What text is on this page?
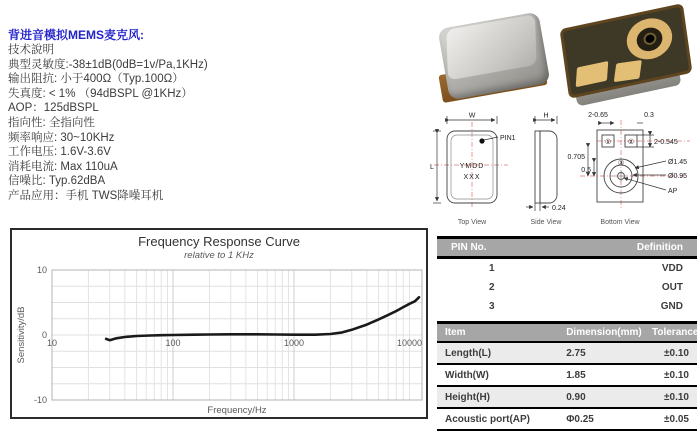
背进音模拟MEMS麦克风:
技术說明
典型灵敏度:-38±1dB(0dB=1v/Pa,1KHz)
输出阻抗: 小于400Ω（Typ.100Ω）
失真度: < 1% （94dBSPL @1KHz）
AOP：125dBSPL
指向性: 全指向性
频率响应: 30~10KHz
工作电压: 1.6V-3.6V
消耗电流: Max 110uA
信噪比: Typ.62dBA
产品应用：手机 TWS降噪耳机
PIN1
W
L	YMDD
XXX
Top View
H
0.24
Side View
① ②
③
2-0.65	0.3
2-0.545
0.705
0.5
Ø1.45
Ø0.95
AP
Bottom View
Frequency Response Curve
relative to 1 KHz
10	100	1000	10000
10
0
-10
Frequency/Hz
Sensitivity/dB
PIN No.	Definition
1	VDD
2	OUT
3	GND
Item	Dimension(mm)	Tolerance
Length(L)	2.75	±0.10
Width(W)	1.85	±0.10
Height(H)	0.90	±0.10
Acoustic port(AP)	Φ0.25	±0.05
